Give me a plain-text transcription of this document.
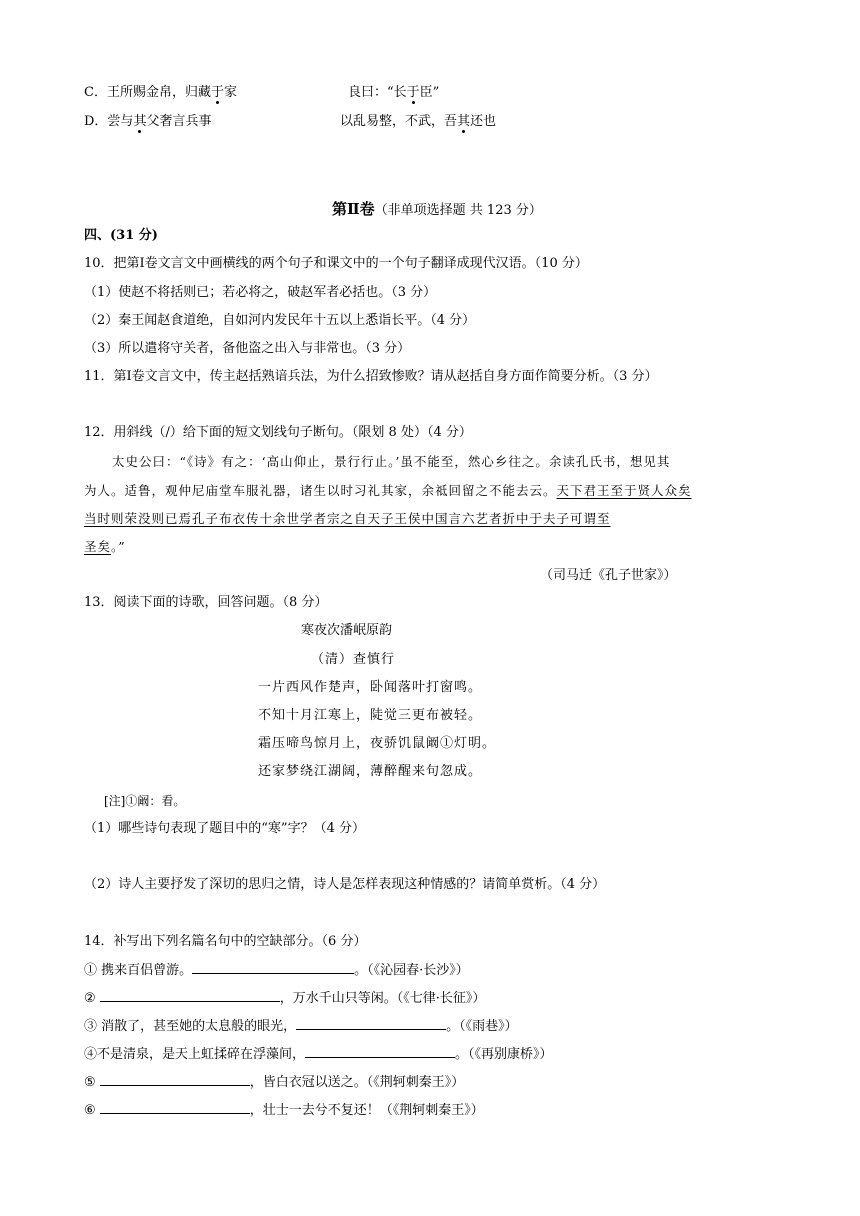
C．王所赐金帛，归藏于家	良曰：“长于臣”
D．尝与其父奢言兵事	以乱易整，不武，吾其还也
第Ⅱ卷（非单项选择题 共 123 分）
四、(31 分)
10．把第Ⅰ卷文言文中画横线的两个句子和课文中的一个句子翻译成现代汉语。（10 分）
（1）使赵不将括则已；若必将之，破赵军者必括也。（3 分）
（2）秦王闻赵食道绝，自如河内发民年十五以上悉诣长平。（4 分）
（3）所以遣将守关者，备他盗之出入与非常也。（3 分）
11．第Ⅰ卷文言文中，传主赵括熟谙兵法，为什么招致惨败？请从赵括自身方面作简要分析。（3 分）
12．用斜线（/）给下面的短文划线句子断句。（限划 8 处）（4 分）
太史公曰：“《诗》有之：‘高山仰止，景行行止。’虽不能至，然心乡往之。余读孔氏书，想见其
为人。适鲁，观仲尼庙堂车服礼器，诸生以时习礼其家，余祗回留之不能去云。天下君王至于贤人众矣
当时则荣没则已焉孔子布衣传十余世学者宗之自天子王侯中国言六艺者折中于夫子可谓至
圣矣。”
（司马迁《孔子世家》）
13．阅读下面的诗歌，回答问题。（8 分）
寒夜次潘岷原韵
（清）查慎行
一片西风作楚声，卧闻落叶打窗鸣。
不知十月江寒上，陡觉三更布被轻。
霜压啼鸟惊月上，夜骄饥鼠阚①灯明。
还家梦绕江湖阔，薄醉醒来句忽成。
[注]①阚：看。
（1）哪些诗句表现了题目中的“寒”字？（4 分）
（2）诗人主要抒发了深切的思归之情，诗人是怎样表现这种情感的？请简单赏析。（4 分）
14．补写出下列名篇名句中的空缺部分。（6 分）
① 携来百侣曾游。	。（《沁园春·长沙》）
②	，万水千山只等闲。（《七律·长征》）
③ 消散了，甚至她的太息般的眼光，	。（《雨巷》）
④不是清泉，是天上虹揉碎在浮藻间，	。（《再别康桥》）
⑤	，皆白衣冠以送之。（《荆轲刺秦王》）
⑥	，壮士一去兮不复还！（《荆轲刺秦王》）
